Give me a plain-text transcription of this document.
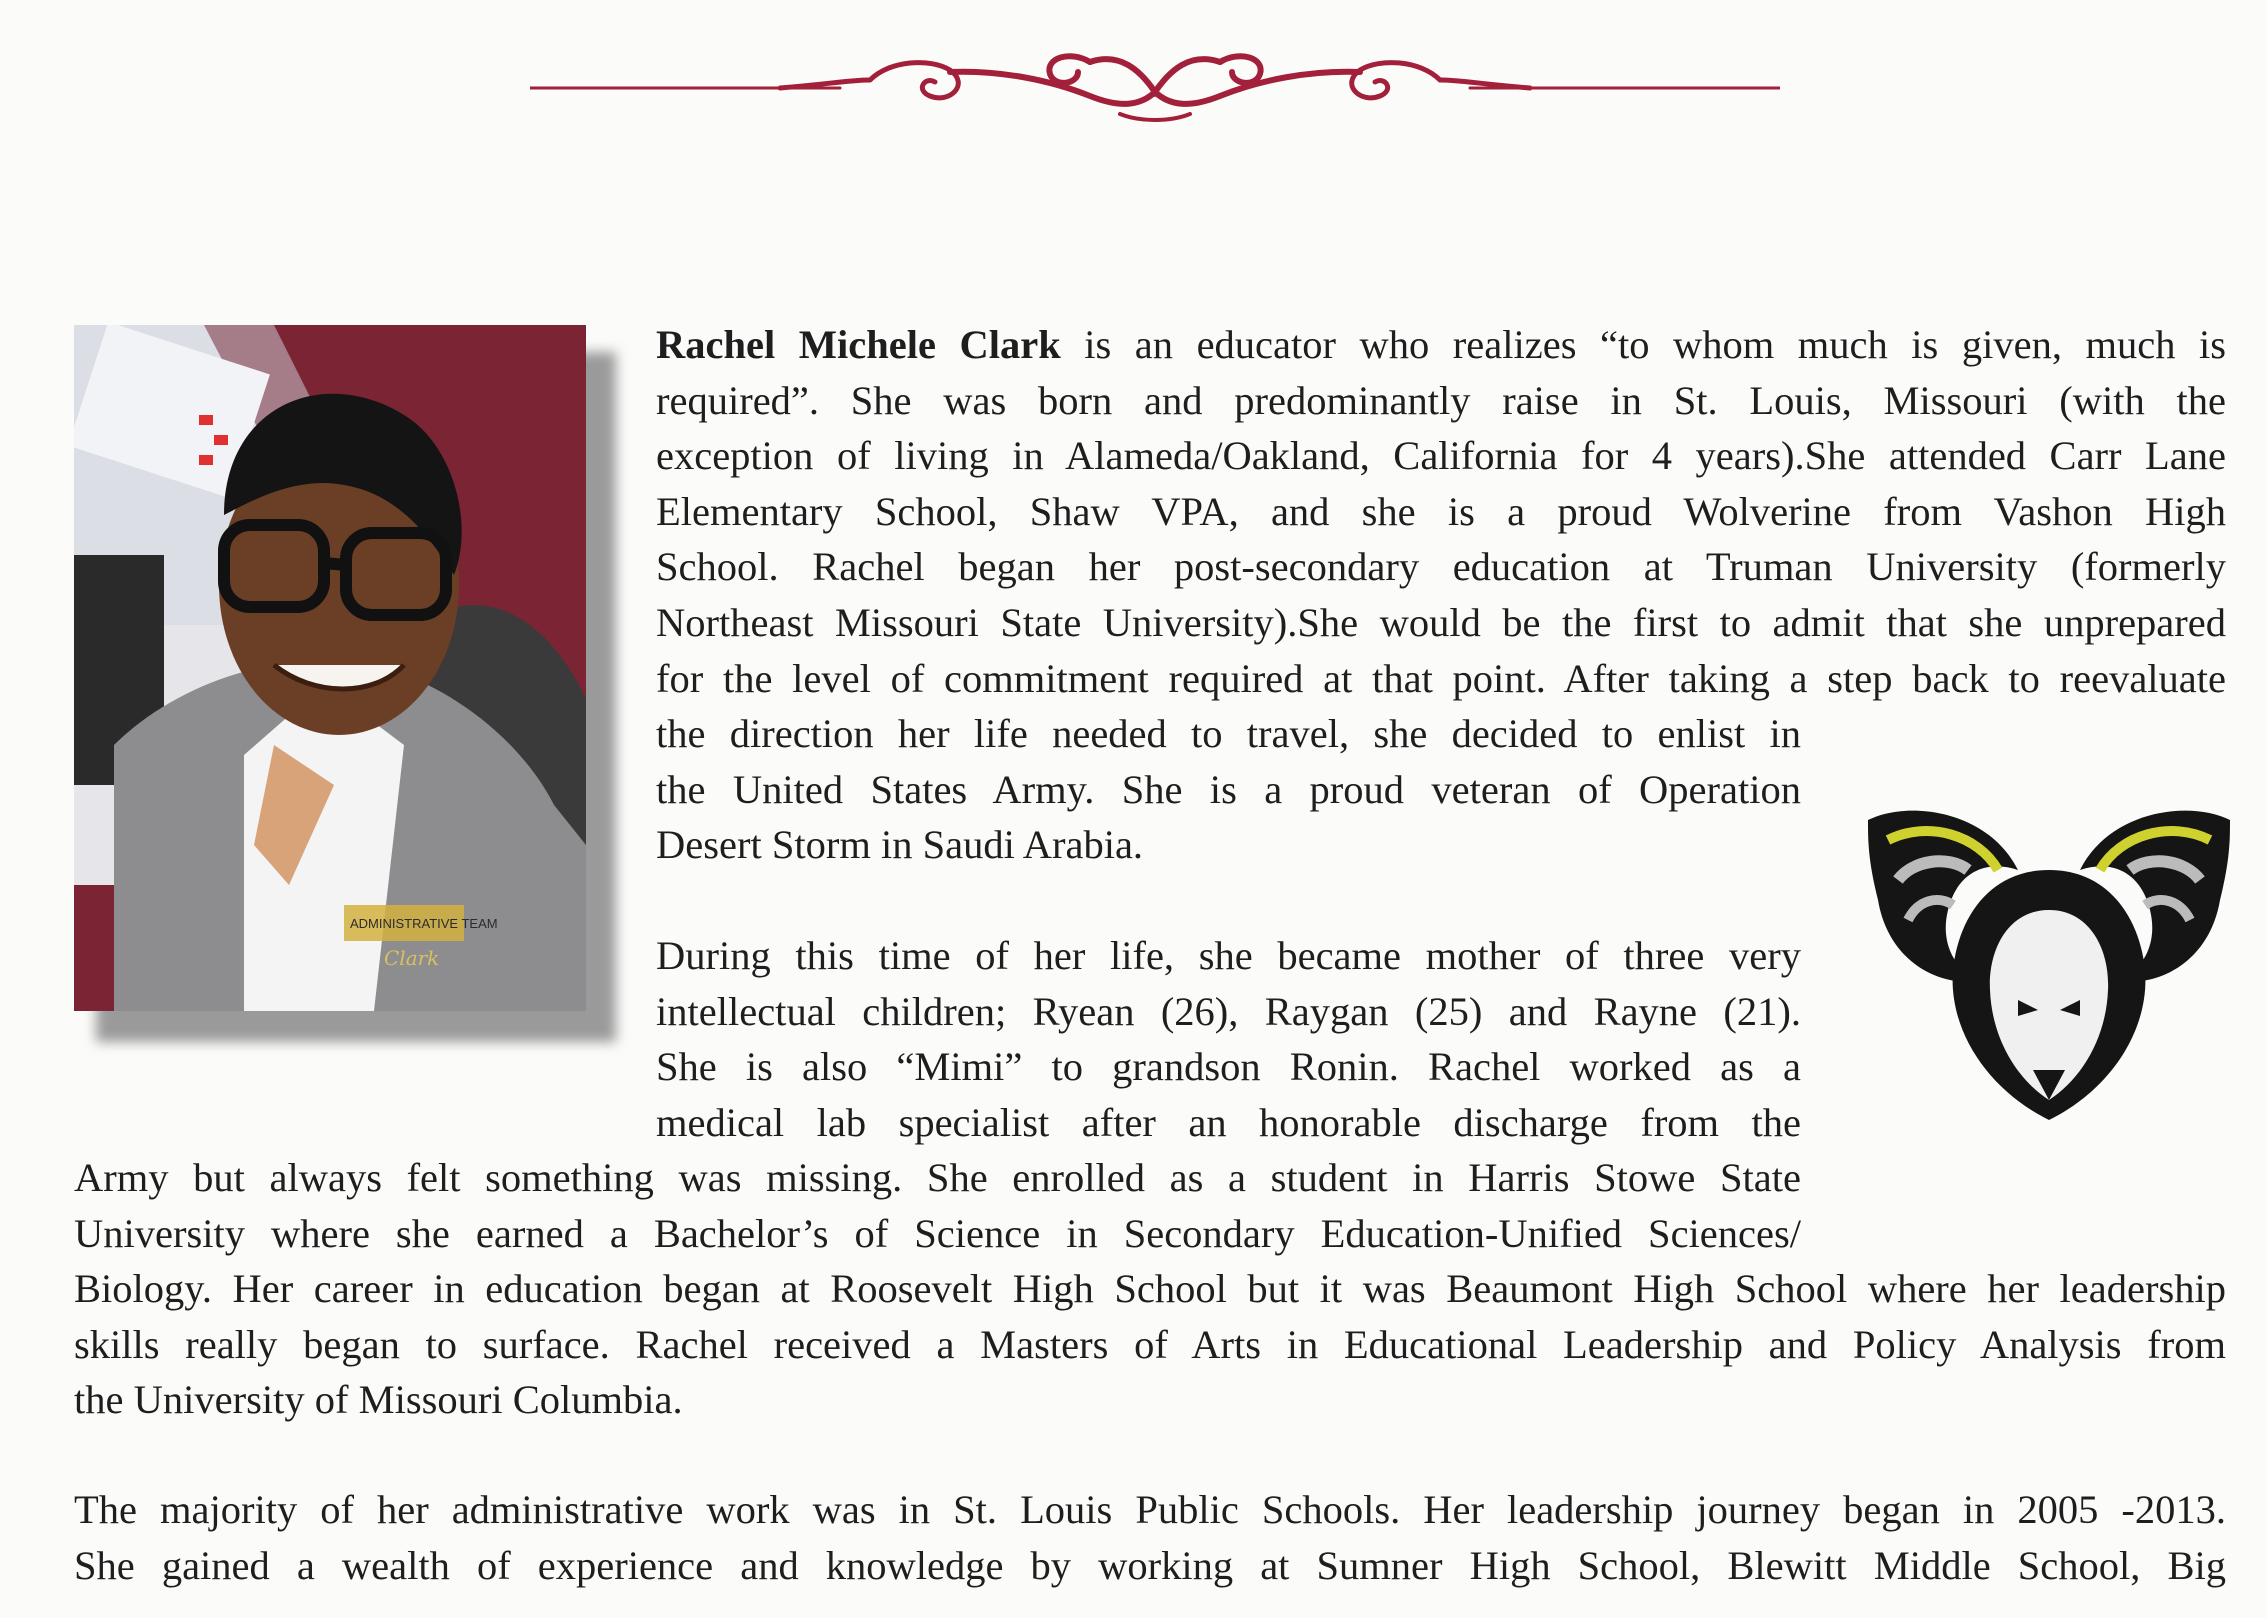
ADMINISTRATIVE TEAM
Clark
Rachel Michele Clark is an educator who realizes “to whom much is given, much is
required”. She was born and predominantly raise in St. Louis, Missouri (with the
exception of living in Alameda/Oakland, California for 4 years).She attended Carr Lane
Elementary School, Shaw VPA, and she is a proud Wolverine from Vashon High
School. Rachel began her post-secondary education at Truman University (formerly
Northeast Missouri State University).She would be the first to admit that she unprepared
for the level of commitment required at that point. After taking a step back to reevaluate
the direction her life needed to travel, she decided to enlist in
the United States Army. She is a proud veteran of Operation
Desert Storm in Saudi Arabia.
During this time of her life, she became mother of three very
intellectual children; Ryean (26), Raygan (25) and Rayne (21).
She is also “Mimi” to grandson Ronin. Rachel worked as a
medical lab specialist after an honorable discharge from the
Army but always felt something was missing. She enrolled as a student in Harris Stowe State
University where she earned a Bachelor’s of Science in Secondary Education-Unified Sciences/
Biology. Her career in education began at Roosevelt High School but it was Beaumont High School where her leadership
skills really began to surface. Rachel received a Masters of Arts in Educational Leadership and Policy Analysis from
the University of Missouri Columbia.
The majority of her administrative work was in St. Louis Public Schools. Her leadership journey began in 2005 -2013.
She gained a wealth of experience and knowledge by working at Sumner High School, Blewitt Middle School, Big
